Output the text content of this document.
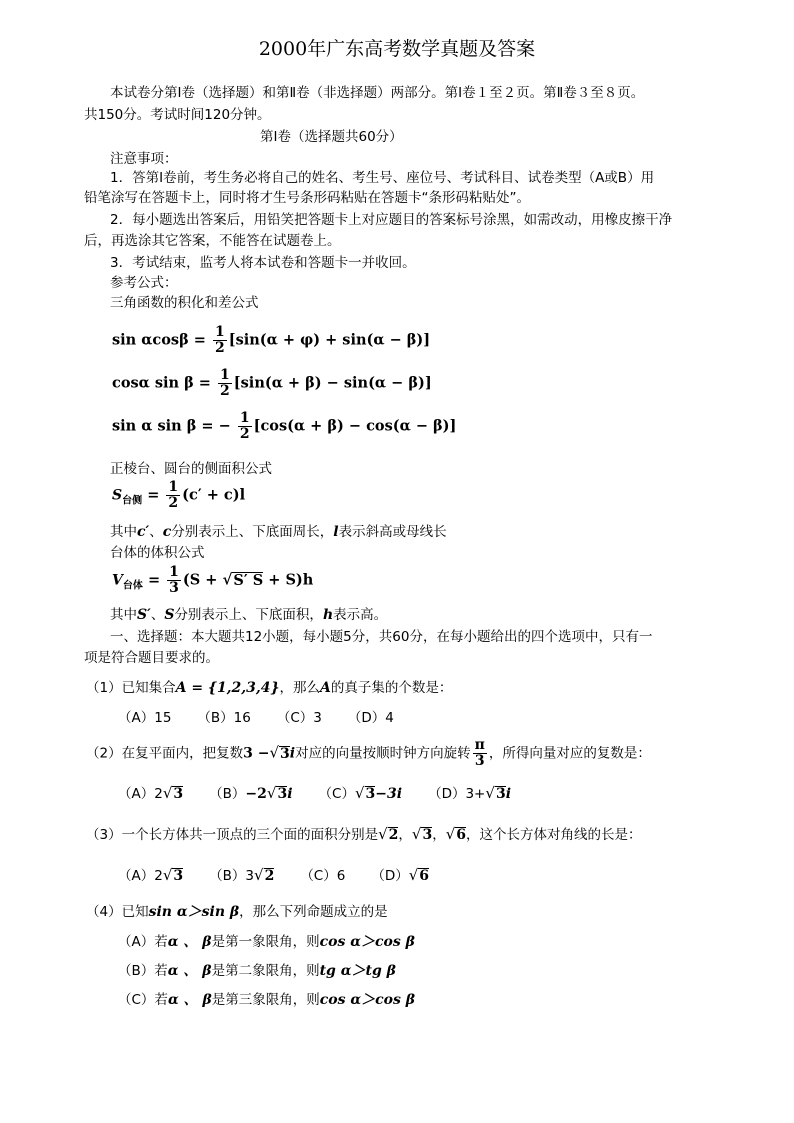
2000年广东高考数学真题及答案
本试卷分第Ⅰ卷（选择题）和第Ⅱ卷（非选择题）两部分。第Ⅰ卷１至２页。第Ⅱ卷３至８页。
共150分。考试时间120分钟。
第Ⅰ卷（选择题共60分）
注意事项：
1．答第Ⅰ卷前，考生务必将自己的姓名、考生号、座位号、考试科目、试卷类型（A或B）用
铅笔涂写在答题卡上，同时将才生号条形码粘贴在答题卡“条形码粘贴处”。
2．每小题选出答案后，用铅笑把答题卡上对应题目的答案标号涂黑，如需改动，用橡皮擦干净
后，再选涂其它答案，不能答在试题卷上。
3．考试结束，监考人将本试卷和答题卡一并收回。
参考公式：
三角函数的积化和差公式
$\sin \alpha\cos\beta = \frac{1}{2} [\sin(\alpha + \varphi) + \sin(\alpha - \beta)]$
cosα $\sin \beta = \frac{1}{2} [\sin(\alpha + \beta) - \sin(\alpha - \beta)]$
sin α sin β = − $\frac{1}{2} [\cos(\alpha + \beta) - \cos(\alpha - \beta)]$
正棱台、圆台的侧面积公式
$S_{台侧} = \frac{1}{2} (c' + c)l$
其中c′、c分别表示上、下底面周长，l表示斜高或母线长
台体的体积公式
$V_{台体} = \frac{1}{3} (S + √S'$ S + S)h
其中S′、S分别表示上、下底面积，h表示高。
一、选择题：本大题共12小题，每小题5分，共60分，在每小题给出的四个选项中，只有一
项是符合题目要求的。
（1）已知集合A = {1,2,3,4}，那么A的真子集的个数是：
（A）15 （B）16 （C）3 （D）4
（2）在复平面内，把复数3 −√3i对应的向量按顺时钟方向旋转 $\frac{\pi}{3}$ ，所得向量对应的复数是：
（A）2√3 （B）−2√3i （C）√3−3i （D）3+√3i
（3）一个长方体共一顶点的三个面的面积分别是√2，√3，√6，这个长方体对角线的长是：
（A）2√3 （B）3√2 （C）6 （D）√6
（4）已知sin α＞sin β，那么下列命题成立的是
（A）若α 、 β是第一象限角，则cos α＞cos β
（B）若α 、 β是第二象限角，则tg α＞tg β
（C）若α 、 β是第三象限角，则cos α＞cos β
